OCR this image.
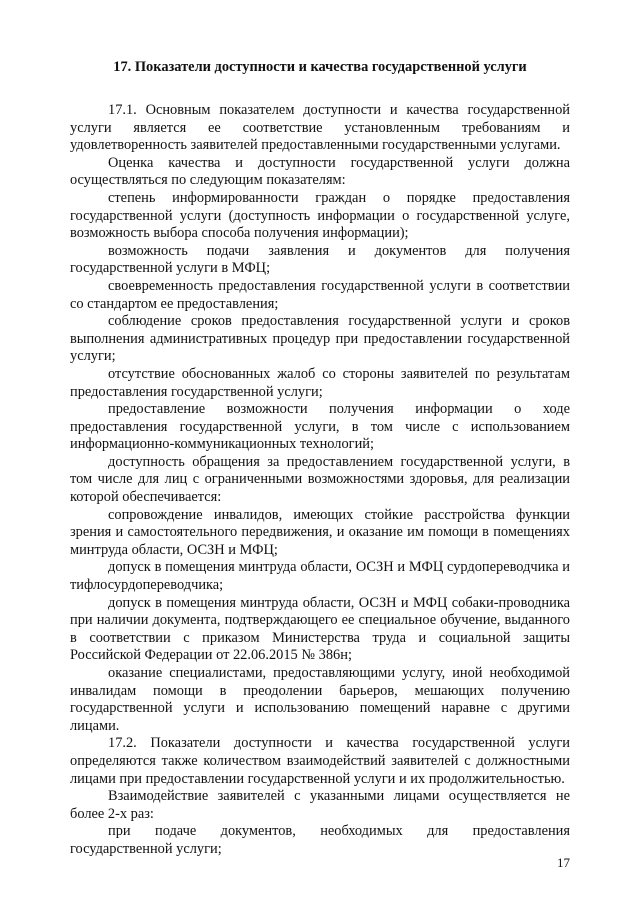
17. Показатели доступности и качества государственной услуги

17.1. Основным показателем доступности и качества государственной услуги является ее соответствие установленным требованиям и удовлетворенность заявителей предоставленными государственными услугами.

Оценка качества и доступности государственной услуги должна осуществляться по следующим показателям:

степень информированности граждан о порядке предоставления государственной услуги (доступность информации о государственной услуге, возможность выбора способа получения информации);

возможность подачи заявления и документов для получения государственной услуги в МФЦ;

своевременность предоставления государственной услуги в соответствии со стандартом ее предоставления;

соблюдение сроков предоставления государственной услуги и сроков выполнения административных процедур при предоставлении государственной услуги;

отсутствие обоснованных жалоб со стороны заявителей по результатам предоставления государственной услуги;

предоставление возможности получения информации о ходе предоставления государственной услуги, в том числе с использованием информационно-коммуникационных технологий;

доступность обращения за предоставлением государственной услуги, в том числе для лиц с ограниченными возможностями здоровья, для реализации которой обеспечивается:

сопровождение инвалидов, имеющих стойкие расстройства функции зрения и самостоятельного передвижения, и оказание им помощи в помещениях минтруда области, ОСЗН и МФЦ;

допуск в помещения минтруда области, ОСЗН и МФЦ сурдопереводчика и тифлосурдопереводчика;

допуск в помещения минтруда области, ОСЗН и МФЦ собаки-проводника при наличии документа, подтверждающего ее специальное обучение, выданного в соответствии с приказом Министерства труда и социальной защиты Российской Федерации от 22.06.2015 № 386н;

оказание специалистами, предоставляющими услугу, иной необходимой инвалидам помощи в преодолении барьеров, мешающих получению государственной услуги и использованию помещений наравне с другими лицами.

17.2. Показатели доступности и качества государственной услуги определяются также количеством взаимодействий заявителей с должностными лицами при предоставлении государственной услуги и их продолжительностью.

Взаимодействие заявителей с указанными лицами осуществляется не более 2-х раз:

при подаче документов, необходимых для предоставления государственной услуги;

17
